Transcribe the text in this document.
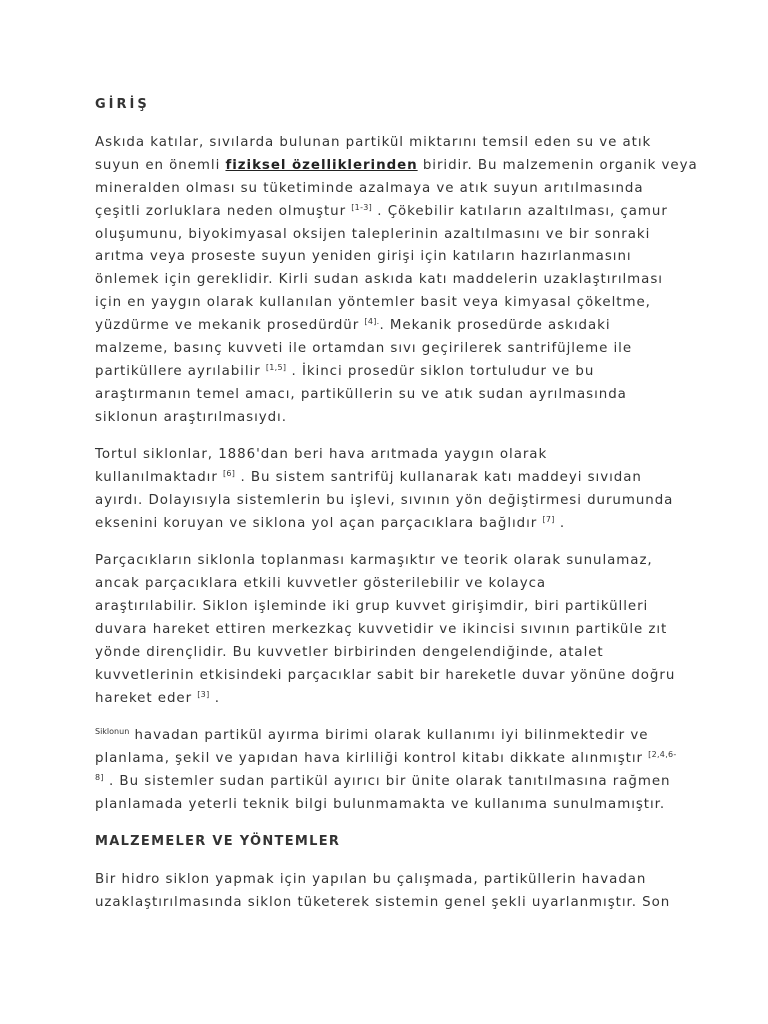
GİRİŞ

Askıda katılar, sıvılarda bulunan partikül miktarını temsil eden su ve atık
suyun en önemli fiziksel özelliklerinden biridir. Bu malzemenin organik veya
mineralden olması su tüketiminde azalmaya ve atık suyun arıtılmasında
çeşitli zorluklara neden olmuştur [1-3] . Çökebilir katıların azaltılması, çamur
oluşumunu, biyokimyasal oksijen taleplerinin azaltılmasını ve bir sonraki
arıtma veya proseste suyun yeniden girişi için katıların hazırlanmasını
önlemek için gereklidir. Kirli sudan askıda katı maddelerin uzaklaştırılması
için en yaygın olarak kullanılan yöntemler basit veya kimyasal çökeltme,
yüzdürme ve mekanik prosedürdür $^{[4].}$. Mekanik prosedürde askıdaki
malzeme, basınç kuvveti ile ortamdan sıvı geçirilerek santrifüjleme ile
partiküllere ayrılabilir [1,5] . İkinci prosedür siklon tortuludur ve bu
araştırmanın temel amacı, partiküllerin su ve atık sudan ayrılmasında
siklonun araştırılmasıydı.

Tortul siklonlar, 1886'dan beri hava arıtmada yaygın olarak
kullanılmaktadır [6] . Bu sistem santrifüj kullanarak katı maddeyi sıvıdan
ayırdı. Dolayısıyla sistemlerin bu işlevi, sıvının yön değiştirmesi durumunda
eksenini koruyan ve siklona yol açan parçacıklara bağlıdır [7] .

Parçacıkların siklonla toplanması karmaşıktır ve teorik olarak sunulamaz,
ancak parçacıklara etkili kuvvetler gösterilebilir ve kolayca
araştırılabilir. Siklon işleminde iki grup kuvvet girişimdir, biri partikülleri
duvara hareket ettiren merkezkaç kuvvetidir ve ikincisi sıvının partiküle zıt
yönde dirençlidir. Bu kuvvetler birbirinden dengelendiğinde, atalet
kuvvetlerinin etkisindeki parçacıklar sabit bir hareketle duvar yönüne doğru
hareket eder [3] .

$^{Siklonun}$ havadan partikül ayırma birimi olarak kullanımı iyi bilinmektedir ve
planlama, şekil ve yapıdan hava kirliliği kontrol kitabı dikkate alınmıştır $^{[2,4,6-}$
$^{8]}$ . Bu sistemler sudan partikül ayırıcı bir ünite olarak tanıtılmasına rağmen
planlamada yeterli teknik bilgi bulunmamakta ve kullanıma sunulmamıştır.

MALZEMELER VE YÖNTEMLER

Bir hidro siklon yapmak için yapılan bu çalışmada, partiküllerin havadan
uzaklaştırılmasında siklon tüketerek sistemin genel şekli uyarlanmıştır. Son
